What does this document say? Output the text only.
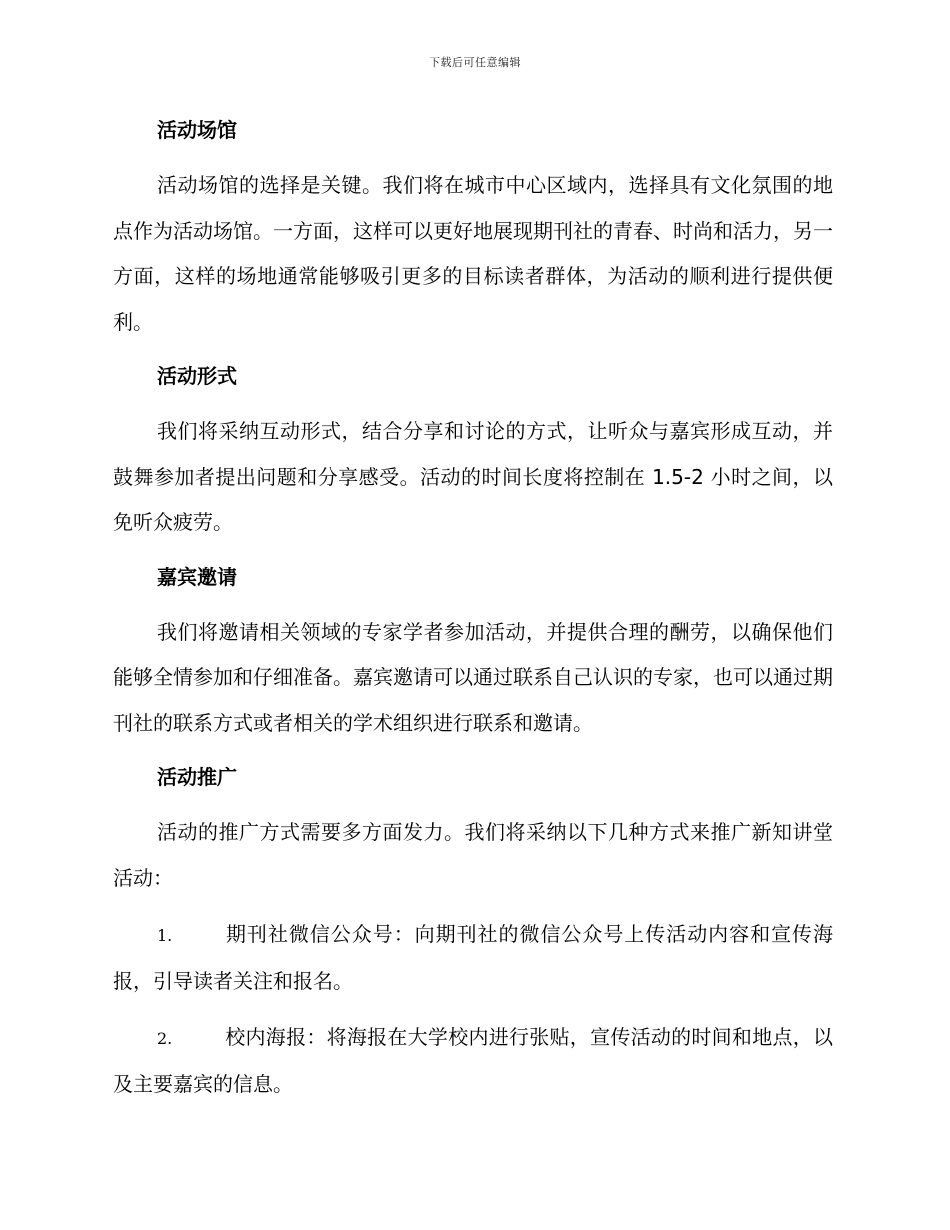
下载后可任意编辑

活动场馆

活动场馆的选择是关键。我们将在城市中心区域内，选择具有文化氛围的地点作为活动场馆。一方面，这样可以更好地展现期刊社的青春、时尚和活力，另一方面，这样的场地通常能够吸引更多的目标读者群体，为活动的顺利进行提供便利。

活动形式

我们将采纳互动形式，结合分享和讨论的方式，让听众与嘉宾形成互动，并鼓舞参加者提出问题和分享感受。活动的时间长度将控制在 1.5-2 小时之间，以免听众疲劳。

嘉宾邀请

我们将邀请相关领域的专家学者参加活动，并提供合理的酬劳，以确保他们能够全情参加和仔细准备。嘉宾邀请可以通过联系自己认识的专家，也可以通过期刊社的联系方式或者相关的学术组织进行联系和邀请。

活动推广

活动的推广方式需要多方面发力。我们将采纳以下几种方式来推广新知讲堂活动：

1.	期刊社微信公众号：向期刊社的微信公众号上传活动内容和宣传海报，引导读者关注和报名。

2.	校内海报：将海报在大学校内进行张贴，宣传活动的时间和地点，以及主要嘉宾的信息。
